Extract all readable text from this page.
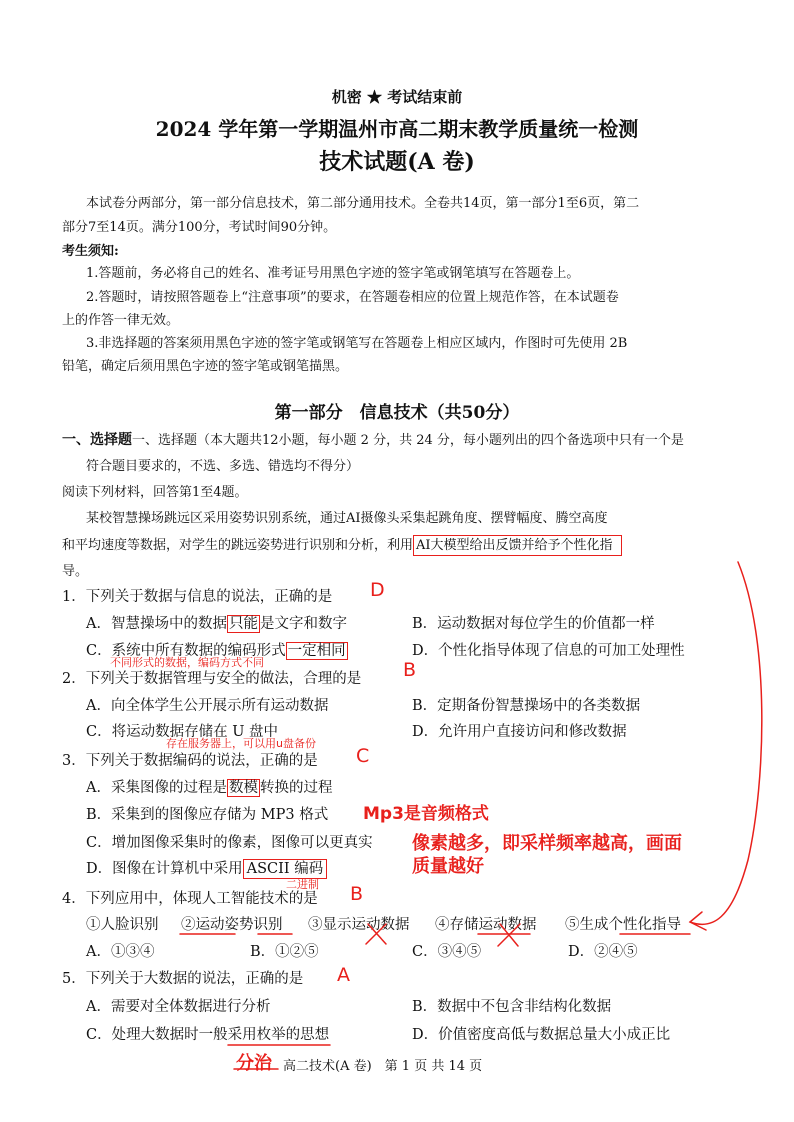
机密 ★ 考试结束前
2024 学年第一学期温州市高二期末教学质量统一检测
技术试题(A 卷)
本试卷分两部分，第一部分信息技术，第二部分通用技术。全卷共14页，第一部分1至6页，第二
部分7至14页。满分100分，考试时间90分钟。
考生须知:
1.答题前，务必将自己的姓名、准考证号用黑色字迹的签字笔或钢笔填写在答题卷上。
2.答题时，请按照答题卷上“注意事项”的要求，在答题卷相应的位置上规范作答，在本试题卷
上的作答一律无效。
3.非选择题的答案须用黑色字迹的签字笔或钢笔写在答题卷上相应区域内，作图时可先使用 2B
铅笔，确定后须用黑色字迹的签字笔或钢笔描黑。
第一部分　信息技术（共50分）
一、选择题一、选择题（本大题共12小题，每小题 2 分，共 24 分，每小题列出的四个备选项中只有一个是
符合题目要求的，不选、多选、错选均不得分）
阅读下列材料，回答第1至4题。
某校智慧操场跳远区采用姿势识别系统，通过AI摄像头采集起跳角度、摆臂幅度、腾空高度
和平均速度等数据，对学生的跳远姿势进行识别和分析，利用 AI大模型给出反馈并给予个性化指
导。
1．下列关于数据与信息的说法，正确的是
A．智慧操场中的数据 只能 是文字和数字	B．运动数据对每位学生的价值都一样
C．系统中所有数据的编码形式 一定相同	D．个性化指导体现了信息的可加工处理性
D
不同形式的数据，编码方式不同
2．下列关于数据管理与安全的做法，合理的是 B
A．向全体学生公开展示所有运动数据	B．定期备份智慧操场中的各类数据
C．将运动数据存储在 U 盘中	D．允许用户直接访问和修改数据
存在服务器上，可以用u盘备份
3．下列关于数据编码的说法，正确的是 C
A．采集图像的过程是 数模 转换的过程
B．采集到的图像应存储为 MP3 格式 Mp3是音频格式
C．增加图像采集时的像素，图像可以更真实 像素越多，即采样频率越高，画面
质量越好
D．图像在计算机中采用 ASCII 编码
二进制
4．下列应用中，体现人工智能技术的是 B
①人脸识别 ②运动姿势识别 ③显示运动数据 ④存储运动数据 ⑤生成个性化指导
A．①③④	B．①②⑤	C．③④⑤	D．②④⑤
5．下列关于大数据的说法，正确的是 A
A．需要对全体数据进行分析	B．数据中不包含非结构化数据
C．处理大数据时一般采用枚举的思想	D．价值密度高低与数据总量大小成正比
分治 高二技术(A 卷)　第 1 页 共 14 页
